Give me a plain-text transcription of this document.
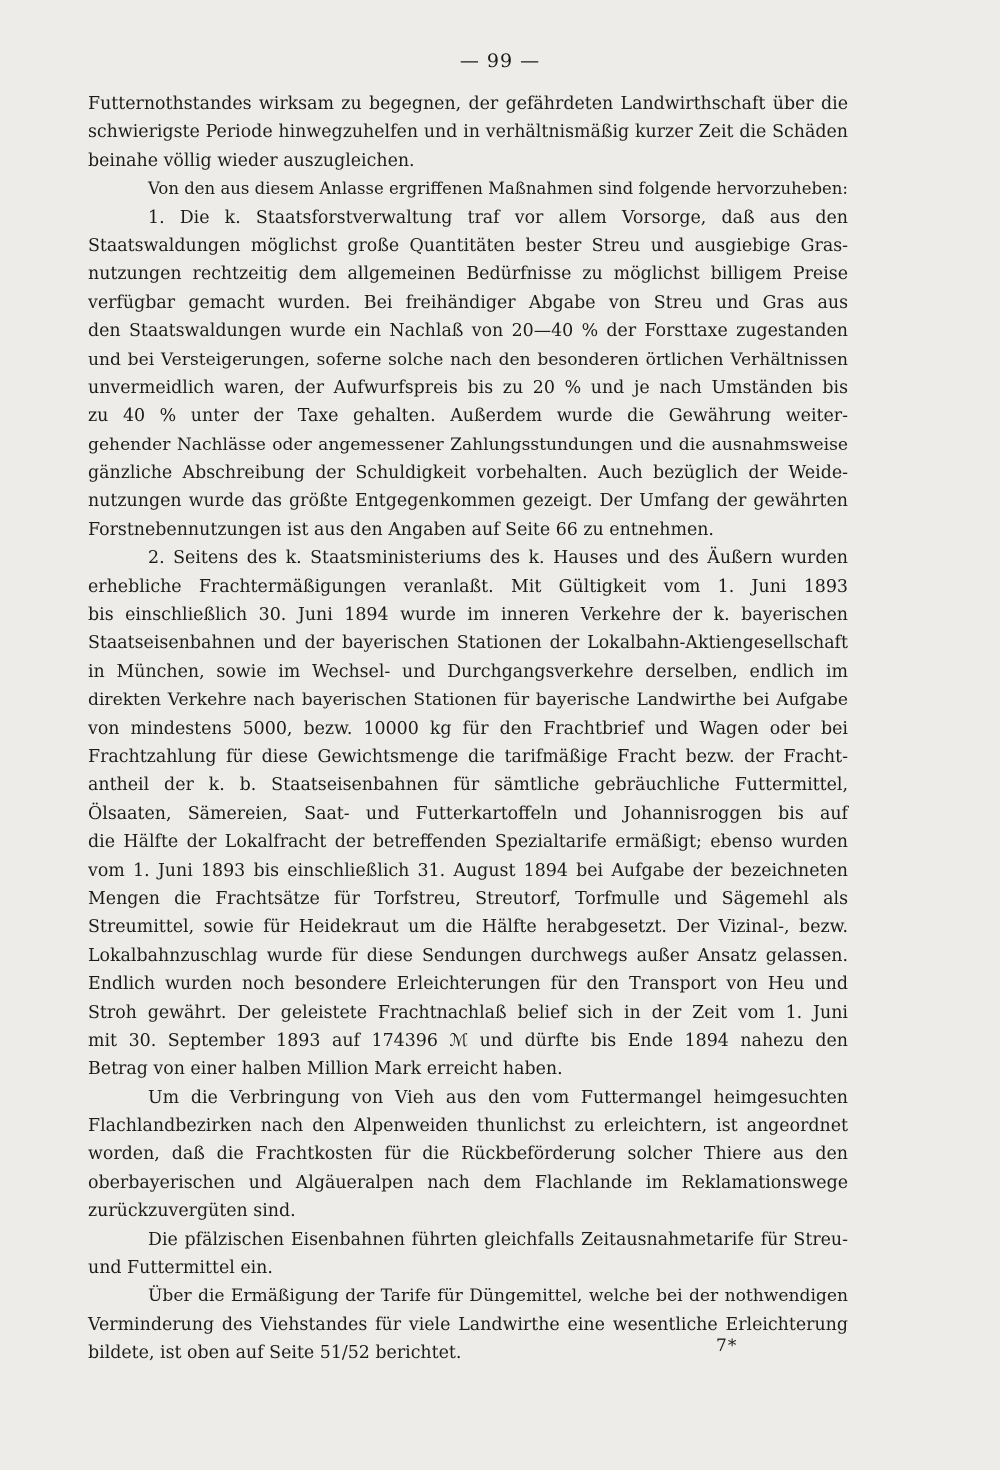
— 99 —
Futternothstandes wirksam zu begegnen, der gefährdeten Landwirthschaft über die
schwierigste Periode hinwegzuhelfen und in verhältnismäßig kurzer Zeit die Schäden
beinahe völlig wieder auszugleichen.
Von den aus diesem Anlasse ergriffenen Maßnahmen sind folgende hervorzuheben:
1. Die k. Staatsforstverwaltung traf vor allem Vorsorge, daß aus den
Staatswaldungen möglichst große Quantitäten bester Streu und ausgiebige Gras-
nutzungen rechtzeitig dem allgemeinen Bedürfnisse zu möglichst billigem Preise
verfügbar gemacht wurden. Bei freihändiger Abgabe von Streu und Gras aus
den Staatswaldungen wurde ein Nachlaß von 20—40 % der Forsttaxe zugestanden
und bei Versteigerungen, soferne solche nach den besonderen örtlichen Verhältnissen
unvermeidlich waren, der Aufwurfspreis bis zu 20 % und je nach Umständen bis
zu 40 % unter der Taxe gehalten. Außerdem wurde die Gewährung weiter-
gehender Nachlässe oder angemessener Zahlungsstundungen und die ausnahmsweise
gänzliche Abschreibung der Schuldigkeit vorbehalten. Auch bezüglich der Weide-
nutzungen wurde das größte Entgegenkommen gezeigt. Der Umfang der gewährten
Forstnebennutzungen ist aus den Angaben auf Seite 66 zu entnehmen.
2. Seitens des k. Staatsministeriums des k. Hauses und des Äußern wurden
erhebliche Frachtermäßigungen veranlaßt. Mit Gültigkeit vom 1. Juni 1893
bis einschließlich 30. Juni 1894 wurde im inneren Verkehre der k. bayerischen
Staatseisenbahnen und der bayerischen Stationen der Lokalbahn-Aktiengesellschaft
in München, sowie im Wechsel- und Durchgangsverkehre derselben, endlich im
direkten Verkehre nach bayerischen Stationen für bayerische Landwirthe bei Aufgabe
von mindestens 5000, bezw. 10000 kg für den Frachtbrief und Wagen oder bei
Frachtzahlung für diese Gewichtsmenge die tarifmäßige Fracht bezw. der Fracht-
antheil der k. b. Staatseisenbahnen für sämtliche gebräuchliche Futtermittel,
Ölsaaten, Sämereien, Saat- und Futterkartoffeln und Johannisroggen bis auf
die Hälfte der Lokalfracht der betreffenden Spezialtarife ermäßigt; ebenso wurden
vom 1. Juni 1893 bis einschließlich 31. August 1894 bei Aufgabe der bezeichneten
Mengen die Frachtsätze für Torfstreu, Streutorf, Torfmulle und Sägemehl als
Streumittel, sowie für Heidekraut um die Hälfte herabgesetzt. Der Vizinal-, bezw.
Lokalbahnzuschlag wurde für diese Sendungen durchwegs außer Ansatz gelassen.
Endlich wurden noch besondere Erleichterungen für den Transport von Heu und
Stroh gewährt. Der geleistete Frachtnachlaß belief sich in der Zeit vom 1. Juni
mit 30. September 1893 auf 174396 ℳ und dürfte bis Ende 1894 nahezu den
Betrag von einer halben Million Mark erreicht haben.
Um die Verbringung von Vieh aus den vom Futtermangel heimgesuchten
Flachlandbezirken nach den Alpenweiden thunlichst zu erleichtern, ist angeordnet
worden, daß die Frachtkosten für die Rückbeförderung solcher Thiere aus den
oberbayerischen und Algäueralpen nach dem Flachlande im Reklamationswege
zurückzuvergüten sind.
Die pfälzischen Eisenbahnen führten gleichfalls Zeitausnahmetarife für Streu-
und Futtermittel ein.
Über die Ermäßigung der Tarife für Düngemittel, welche bei der nothwendigen
Verminderung des Viehstandes für viele Landwirthe eine wesentliche Erleichterung
bildete, ist oben auf Seite 51/52 berichtet.	7*
